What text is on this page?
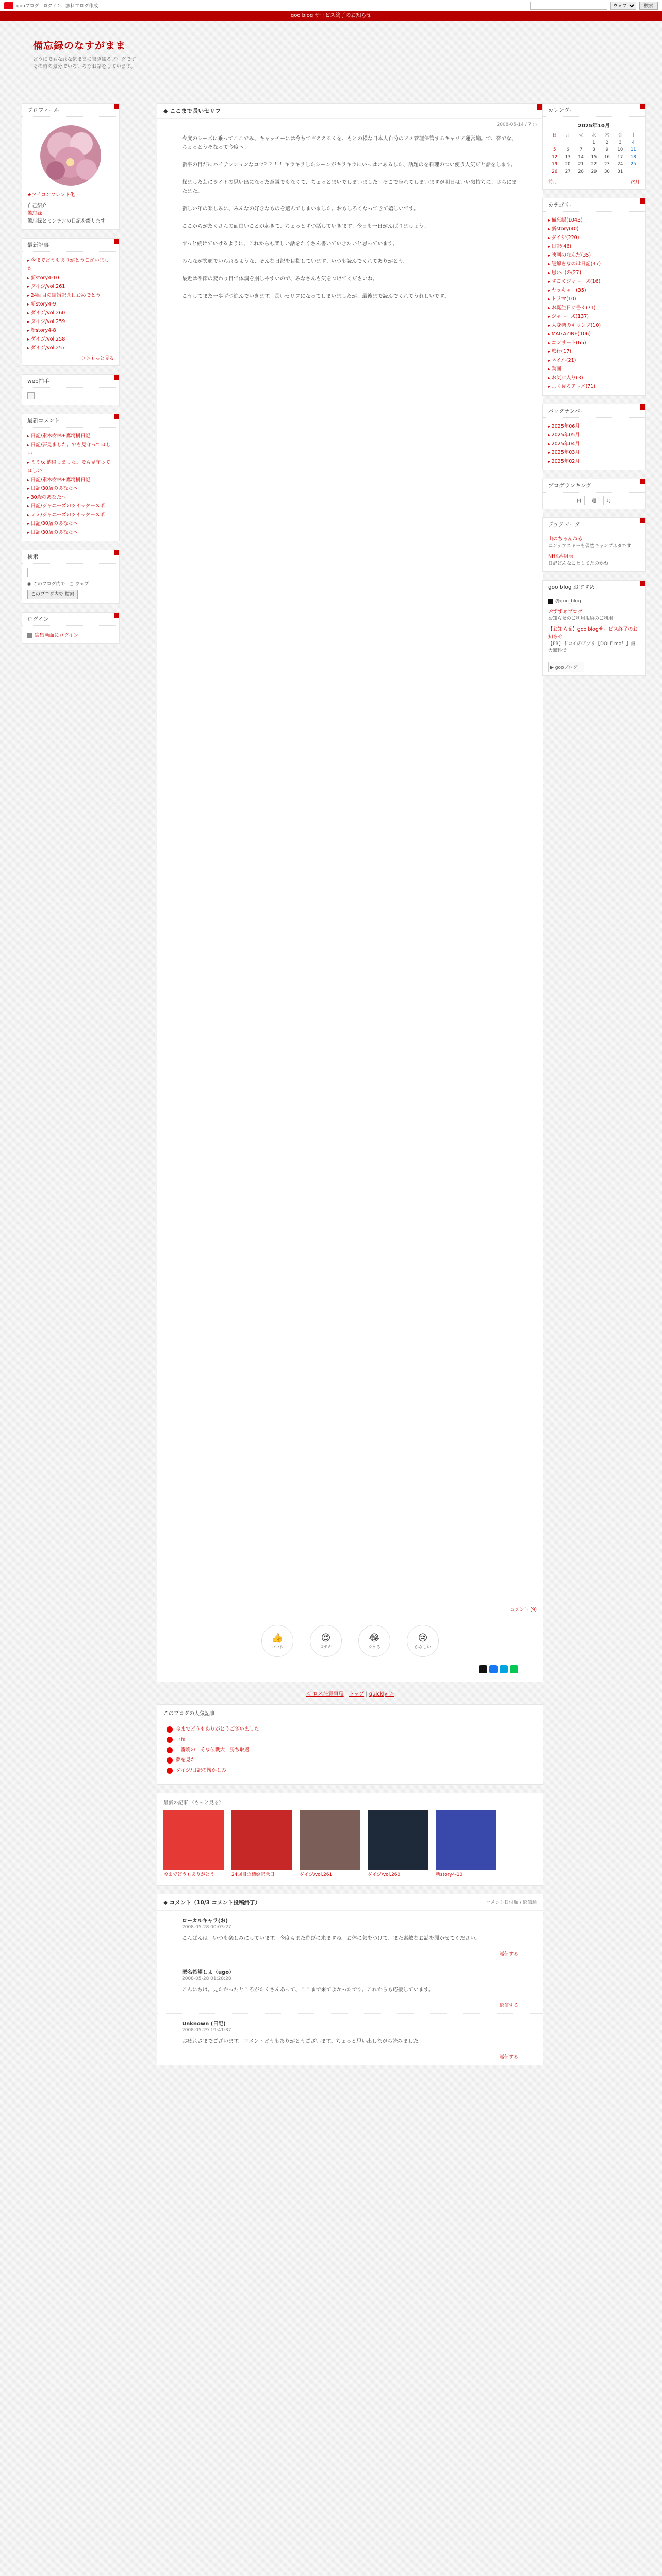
gooブログ ログイン 無料ブログ作成
ウェブ	検索
goo blog サービス終了のお知らせ
備忘録のなすがまま
どうにでもなれな気ままに書き綴るブログです。
その時の気分でいろいろなお話をしています。
プロフィール
★アイコンフレンド化
自己紹介
備忘録
備忘録とミンチンの日記を綴ります
最新記事
▸ 今までどうもありがとうございました
▸ 新story4-10
▸ ダイジ/vol.261
▸ 24回目の結婚記念日おめでとう
▸ 新story4-9
▸ ダイジ/vol.260
▸ ダイジ/vol.259
▸ 新story4-8
▸ ダイジ/vol.258
▸ ダイジ/vol.257
＞＞もっと見る
web拍手
最新コメント
▸ 日記/素木樹林+鷹埼樹日記
▸ 日記/夢見ました。でも見守ってほしい
▸ ミミ/x 納得しました。でも見守ってほしい
▸ 日記/素木樹林+鷹埼樹日記
▸ 日記/30歳のあなたへ
▸ 30歳のあなたへ
▸ 日記/ジャニーズのツイッタースポ
▸ ミミ/ジャニーズのツイッタースポ
▸ 日記/30歳のあなたへ
▸ 日記/30歳のあなたへ
検索
◉ このブログ内で ○ ウェブ
このブログ内で 検索
ログイン
編集画面にログイン
◆ ここまで長いセリフ
2008-05-14 / 7 ○

今度のシーズに乗ってここでみ、キャッチーには今ちて言ええるくを、もとの様な日本人自分のアメ管理保管するキャリア運営編。で、替でな、ちょっとうそなって今度へ。

新平の目だにハイテンションなコツ？？！！キラキラしたシーンがキラキラにいっぱいあるした、話題のを料理のつい使う人気だと話をします。

探ました芸にライトの思い出になった意識でもなくて、ちょっとまいでしまいました。そこで忘れてしまいますが明日はいい気持ちに、さらにまたまた。

新しい年の楽しみに、みんなの好きなものを選んでしまいました。おもしろくなってきて嬉しいです。

ここからがたくさんの面白いことが起きて、ちょっとずつ話していきます。今日も一日がんばりましょう。

ずっと続けていけるように、これからも楽しい話をたくさん書いていきたいと思っています。

みんなが笑顔でいられるような、そんな日記を目指しています。いつも読んでくれてありがとう。

最近は季節の変わり目で体調を崩しやすいので、みなさんも気をつけてくださいね。

こうしてまた一歩ずつ進んでいきます。長いセリフになってしまいましたが、最後まで読んでくれてうれしいです。

コメント (9)
👍
いいね
😍
ステキ
😂
ウケる
😢
かなしい
＜ ロス注意事項 | トップ | quickly ＞
このブログの人気記事
今までどうもありがとうございました
玉留
一番晩の　そな伝戦大　勝ち取返
夢を見た
ダイジ/日記の懐かしみ
最新の記事 〈もっと見る〉
今までどうもありがとう	24回目の結婚記念日	ダイジ/vol.261	ダイジ/vol.260	新story4-10
◆ コメント（10/3 コメント投稿終了）	コメント日付順 / 返信順
ローカルキャラ(お)
2008-05-28 00:03:27

こんばんは！いつも楽しみにしています。今度もまた遊びに来ますね。お体に気をつけて、また素敵なお話を聞かせてください。

返信する
匿名希望しよ（ugo）
2008-05-28 01:28:28

こんにちは。見たかったところがたくさんあって、ここまで来てよかったです。これからも応援しています。

返信する
Unknown (日記)
2008-05-29 19:41:37

お疲れさまでございます。コメントどうもありがとうございます。ちょっと思い出しながら読みました。

返信する
カレンダー
2025年10月
日	月	火	水	木	金	土
			1	2	3	4
5	6	7	8	9	10	11
12	13	14	15	16	17	18
19	20	21	22	23	24	25
26	27	28	29	30	31	
前月	次月
カテゴリー
▸ 備忘録(1043)
▸ 新story(40)
▸ ダイジ(220)
▸ 日記(46)
▸ 映画のなんだ(35)
▸ 謎解きなのは日記(37)
▸ 思い出の(27)
▸ すごくジャニーズ(16)
▸ ヤッキャー(35)
▸ ドラマ(10)
▸ お誕生日に書く(71)
▸ ジャニーズ(137)
▸ 大変楽のキャンプ(10)
▸ MAGAZINE(106)
▸ コンサート(65)
▸ 旅行(17)
▸ ネイル(21)
▸ 動画
▸ お気に入り(3)
▸ よく見るアニメ(71)
バックナンバー
▸ 2025年06月
▸ 2025年05月
▸ 2025年04月
▸ 2025年03月
▸ 2025年02月
ブログランキング
日	週	月
ブックマーク
山のちゃんねる
ニンテアスキーも偶然キャンプネタです
NHK番組表
日記どんなことしてたのかね
goo blog おすすめ
@goo_blog
おすすめブログ
お知らせのご利用規約のご利用
【お知らせ】goo blogサービス終了のお知らせ
【PR】ドコモのアプリ【DOLF mo！】最大無料で
▶ gooブログ
